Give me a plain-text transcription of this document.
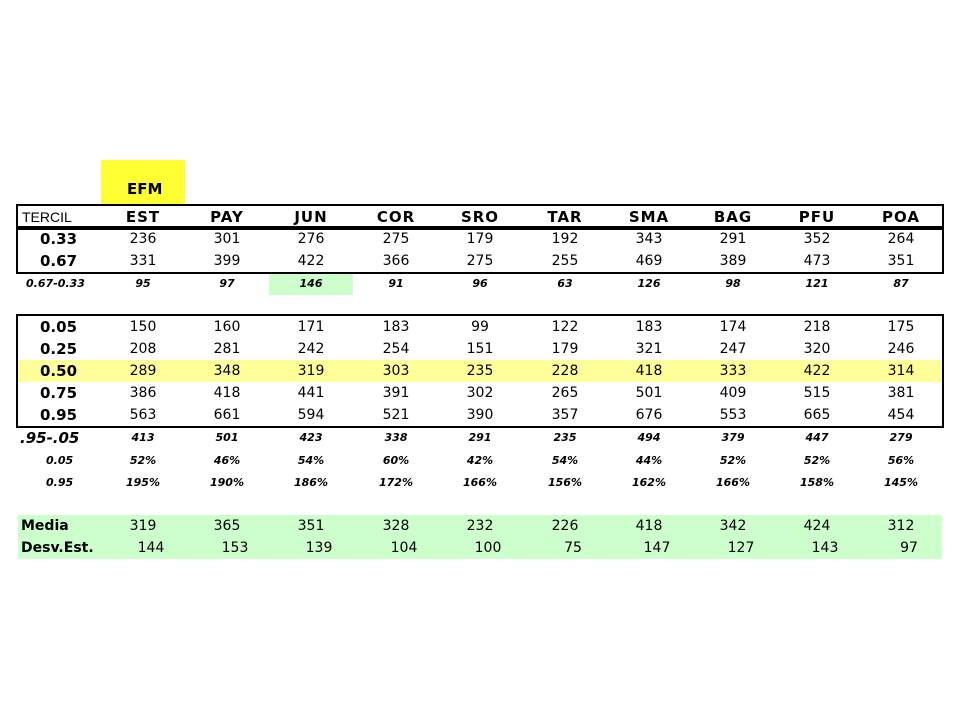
EFM
TERCIL	EST	PAY	JUN	COR	SRO	TAR	SMA	BAG	PFU	POA
0.33	236	301	276	275	179	192	343	291	352	264
0.67	331	399	422	366	275	255	469	389	473	351
0.67-0.33	95	97	146	91	96	63	126	98	121	87
0.05	150	160	171	183	99	122	183	174	218	175
0.25	208	281	242	254	151	179	321	247	320	246
0.50	289	348	319	303	235	228	418	333	422	314
0.75	386	418	441	391	302	265	501	409	515	381
0.95	563	661	594	521	390	357	676	553	665	454
.95-.05	413	501	423	338	291	235	494	379	447	279
0.05	52%	46%	54%	60%	42%	54%	44%	52%	52%	56%
0.95	195%	190%	186%	172%	166%	156%	162%	166%	158%	145%
Media	319	365	351	328	232	226	418	342	424	312
Desv.Est.	144	153	139	104	100	75	147	127	143	97
